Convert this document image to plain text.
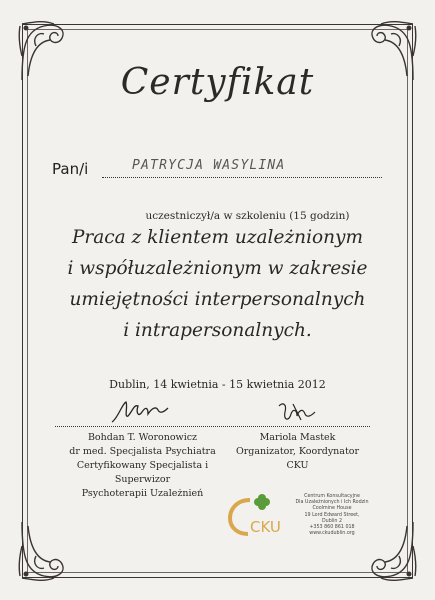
Certyfikat
Pan/i	PATRYCJA WASYLINA
uczestniczył/a w szkoleniu (15 godzin)
Praca z klientem uzależnionym
i współuzależnionym w zakresie
umiejętności interpersonalnych
i intrapersonalnych.
Dublin, 14 kwietnia - 15 kwietnia 2012
Bohdan T. Woronowicz
dr med. Specjalista Psychiatra
Certyfikowany Specjalista i Superwizor
Psychoterapii Uzależnień
Mariola Mastek
Organizator, Koordynator CKU
CKU
Centrum Konsultacyjne
Dla Uzależnionych i Ich Rodzin
Coolmine House
19 Lord Edward Street,
Dublin 2
+353 860 861 018
www.ckudublin.org
